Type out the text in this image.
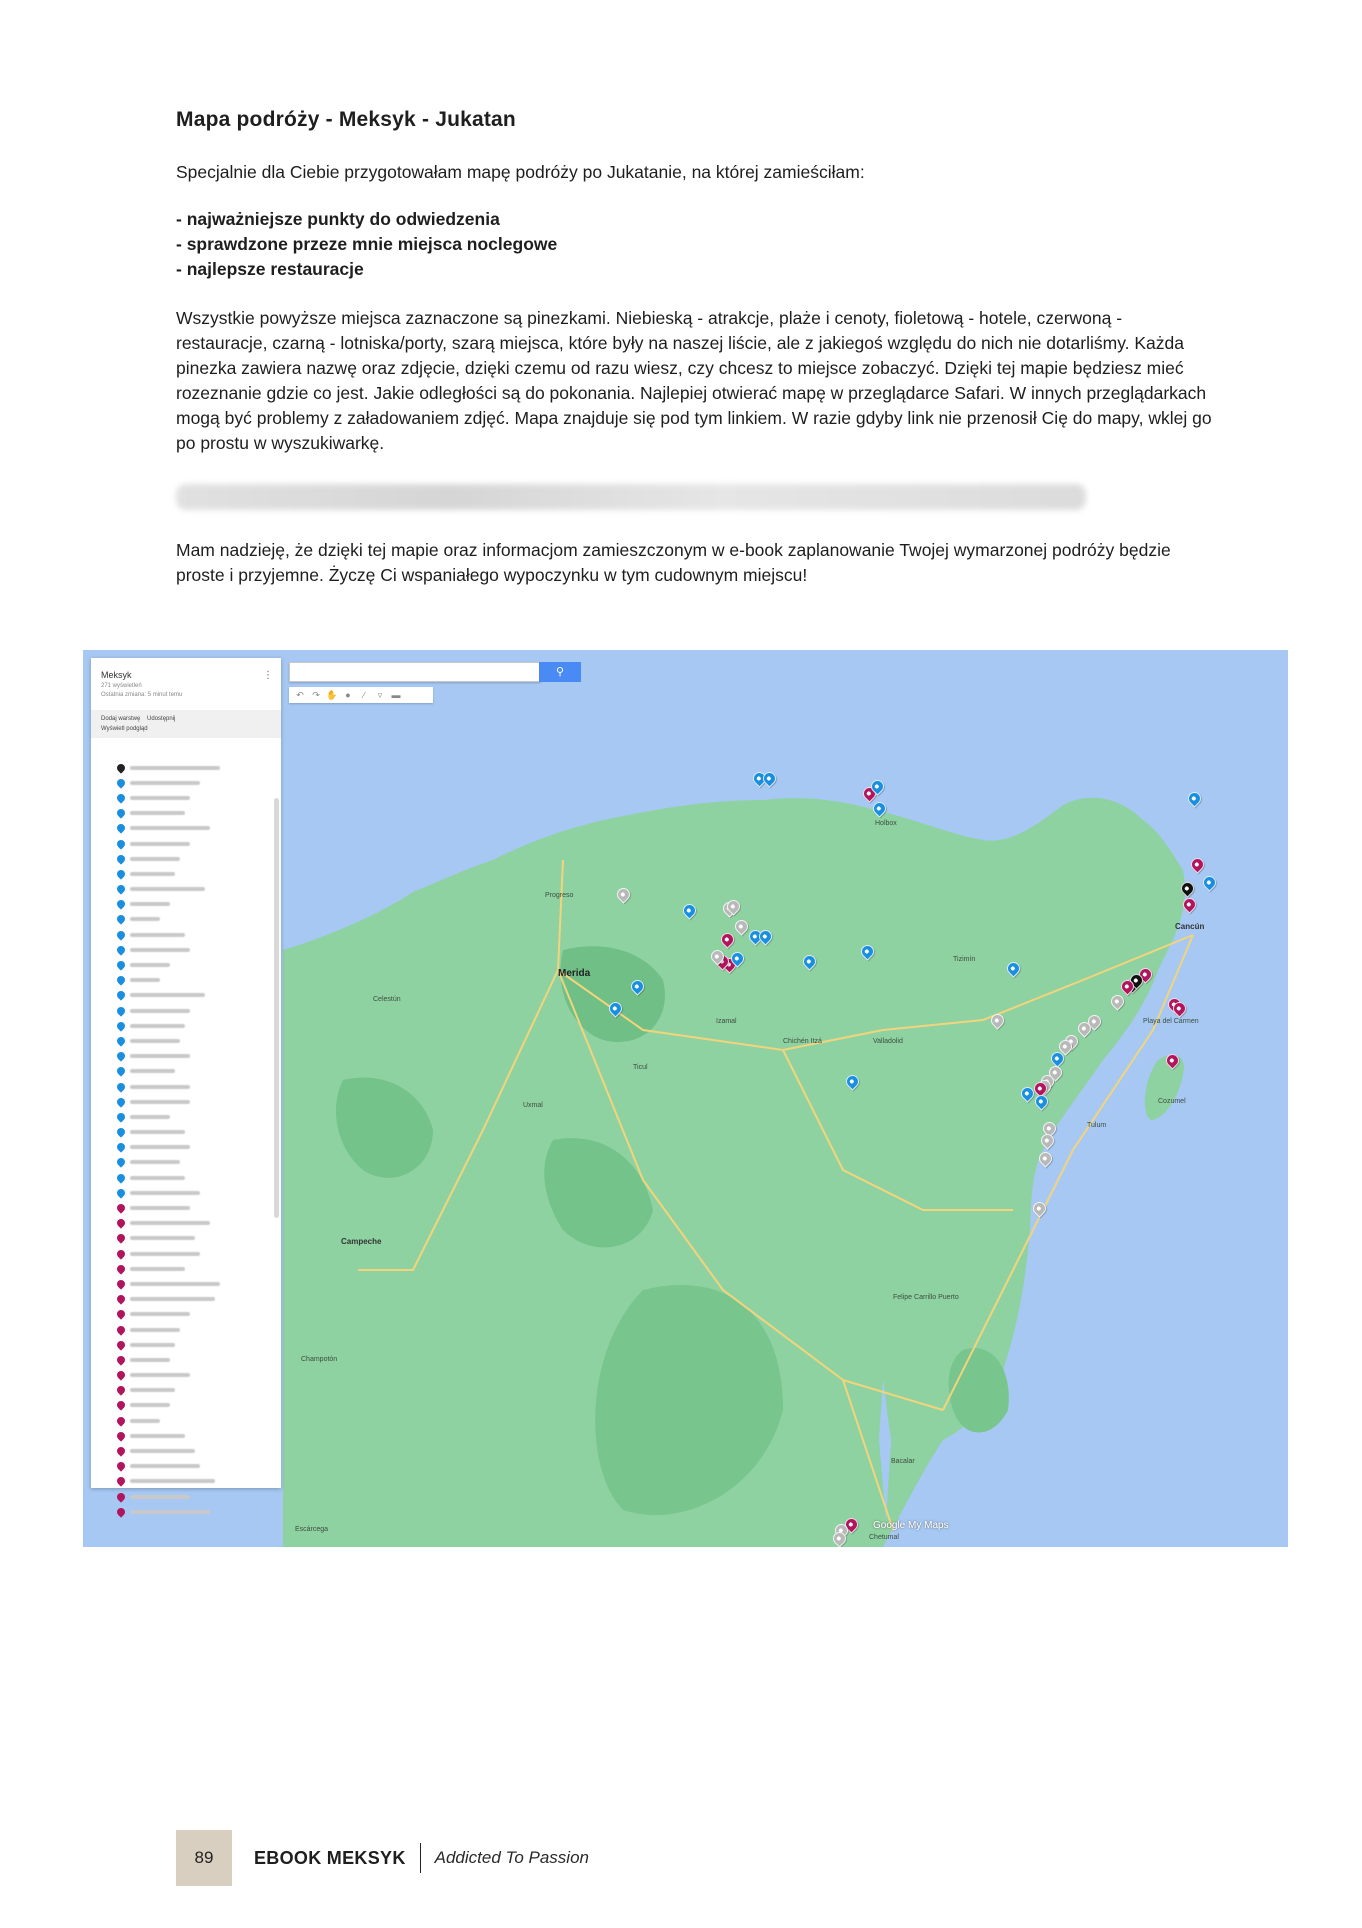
Mapa podróży - Meksyk - Jukatan

Specjalnie dla Ciebie przygotowałam mapę podróży po Jukatanie, na której zamieściłam:

- najważniejsze punkty do odwiedzenia
- sprawdzone przeze mnie miejsca noclegowe
- najlepsze restauracje

Wszystkie powyższe miejsca zaznaczone są pinezkami. Niebieską - atrakcje, plaże i cenoty, fioletową - hotele, czerwoną - restauracje, czarną - lotniska/porty, szarą miejsca, które były na naszej liście, ale z jakiegoś względu do nich nie dotarliśmy. Każda pinezka zawiera nazwę oraz zdjęcie, dzięki czemu od razu wiesz, czy chcesz to miejsce zobaczyć. Dzięki tej mapie będziesz mieć rozeznanie gdzie co jest. Jakie odległości są do pokonania. Najlepiej otwierać mapę w przeglądarce Safari. W innych przeglądarkach mogą być problemy z załadowaniem zdjęć. Mapa znajduje się pod tym linkiem. W razie gdyby link nie przenosił Cię do mapy, wklej go po prostu w wyszukiwarkę.

Mam nadzieję, że dzięki tej mapie oraz informacjom zamieszczonym w e-book zaplanowanie Twojej wymarzonej podróży będzie proste i przyjemne. Życzę Ci wspaniałego wypoczynku w tym cudownym miejscu!

⚲
↶ ↷ ✋ ●	∕	▿	▬
Meksyk	⋮
271 wyświetleń
Ostatnia zmiana: 5 minut temu
Dodaj warstwę Udostępnij
Wyświetl podgląd
Merida
Campeche
Cancún
Progreso
Valladolid
Tulum
Playa del Carmen
Chetumal
Izamal
Cozumel
Bacalar
Holbox
Celestún
Champotón
Escárcega
Tizimín
Chichén Itzá
Uxmal
Felipe Carrillo Puerto
Ticul
Google My Maps
89	EBOOK MEKSYK Addicted To Passion
